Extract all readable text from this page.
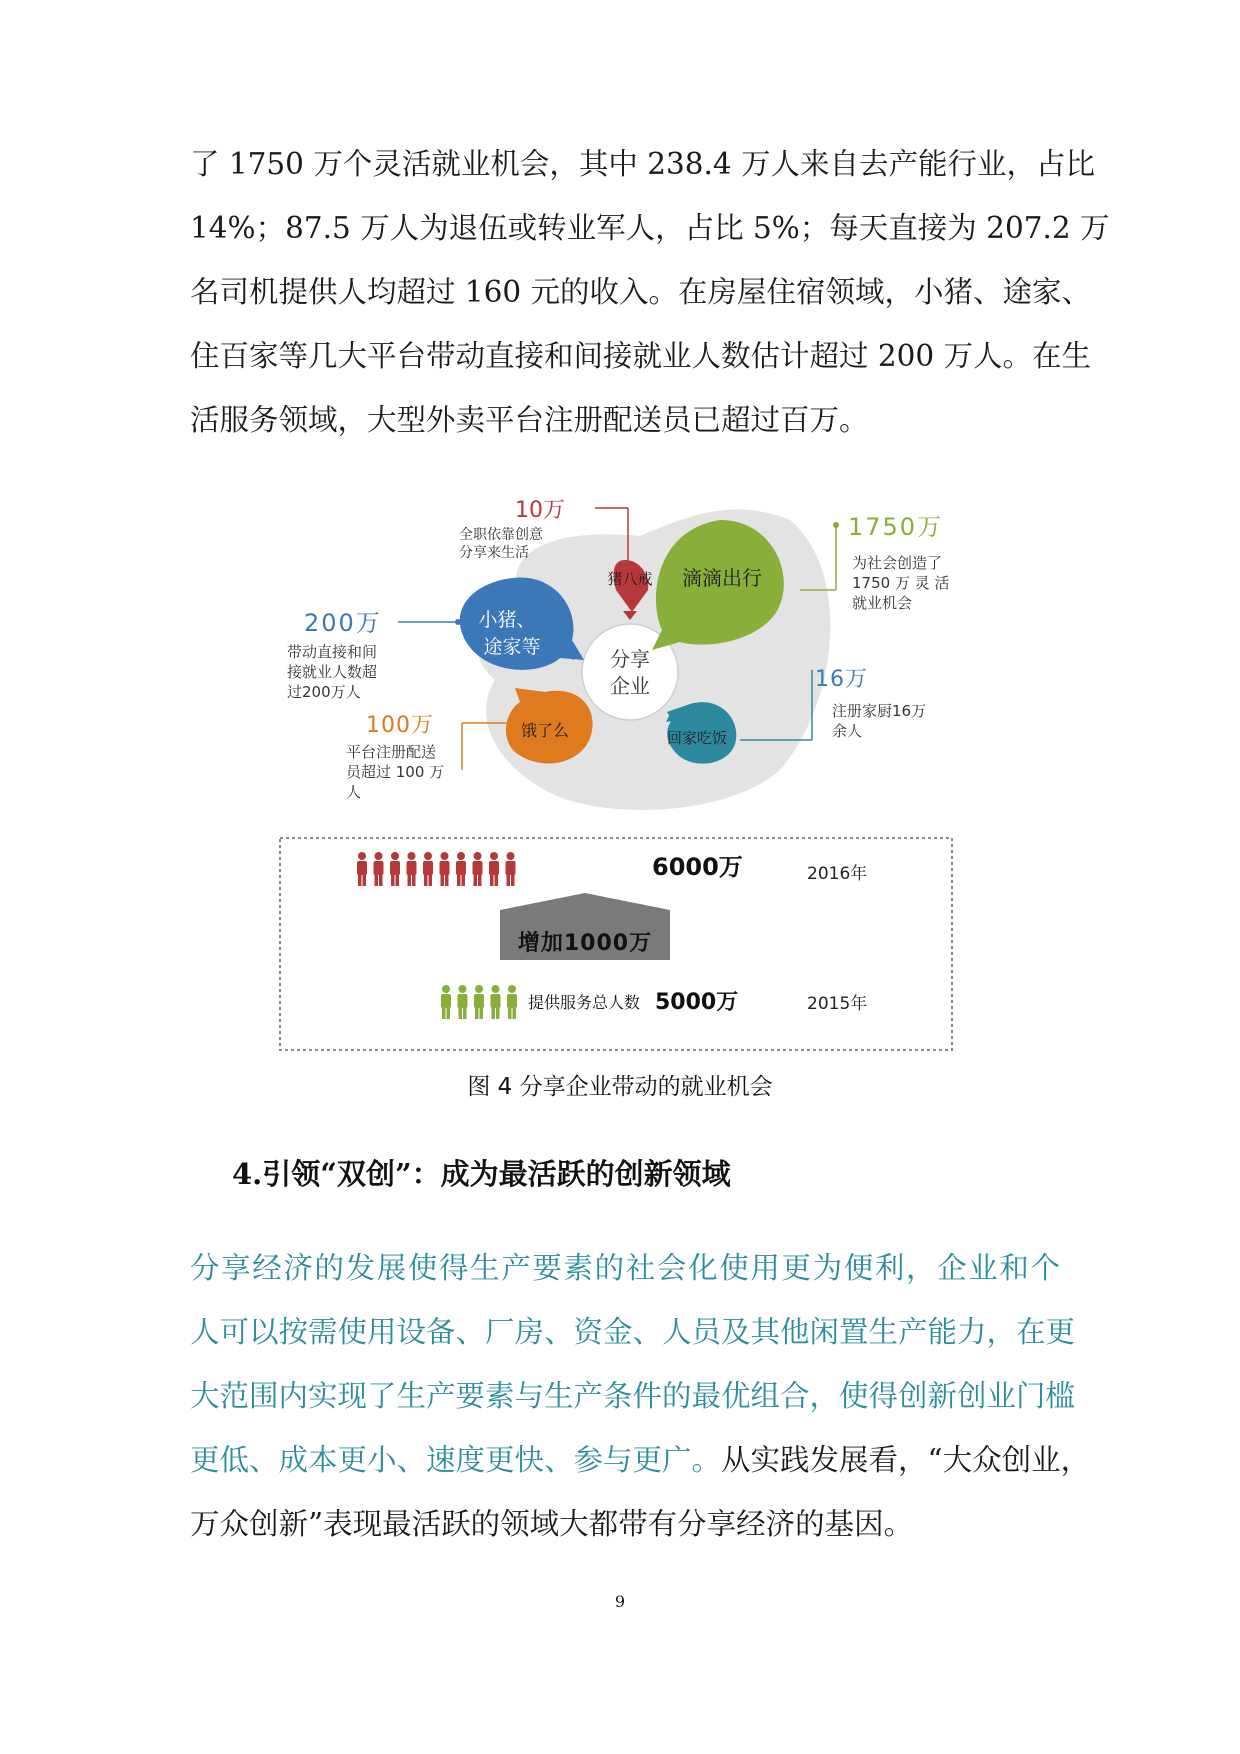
了 1750 万个灵活就业机会，其中 238.4 万人来自去产能行业，占比
14%；87.5 万人为退伍或转业军人，占比 5%；每天直接为 207.2 万
名司机提供人均超过 160 元的收入。在房屋住宿领域，小猪、途家、
住百家等几大平台带动直接和间接就业人数估计超过 200 万人。在生
活服务领域，大型外卖平台注册配送员已超过百万。

分享
企业
滴滴出行
猪八戒
小猪、
途家等
饿了么	回家吃饭
10万
全职依靠创意
分享来生活
1750万
为社会创造了
1750 万 灵 活
就业机会
200万
带动直接和间
接就业人数超
过200万人	16万
注册家厨16万
余人
100万
平台注册配送
员超过 100 万
人
6000万	2016年
增加1000万
提供服务总人数 5000万	2015年

图 4 分享企业带动的就业机会

4.引领“双创”：成为最活跃的创新领域

分享经济的发展使得生产要素的社会化使用更为便利，企业和个
人可以按需使用设备、厂房、资金、人员及其他闲置生产能力，在更
大范围内实现了生产要素与生产条件的最优组合，使得创新创业门槛
更低、成本更小、速度更快、参与更广。从实践发展看，“大众创业，
万众创新”表现最活跃的领域大都带有分享经济的基因。

9
